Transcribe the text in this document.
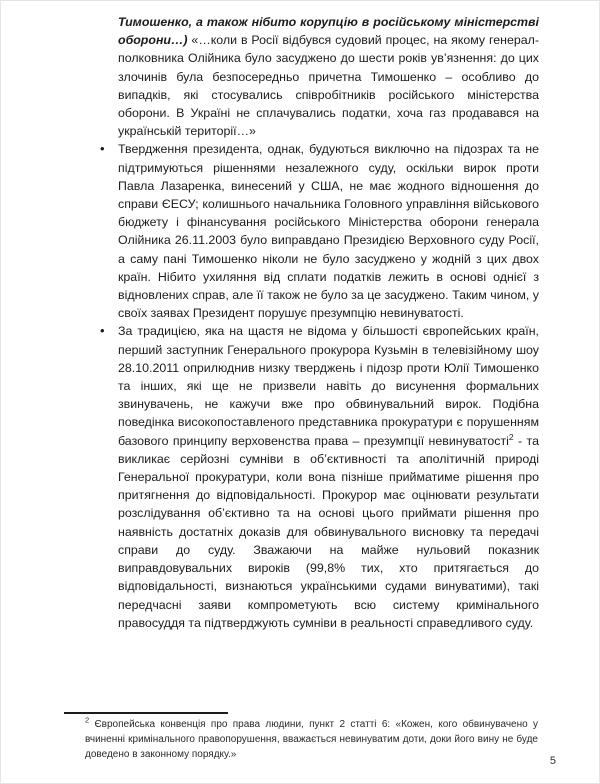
Тимошенко, а також нібито корупцію в російському міністерстві оборони…) «…коли в Росії відбувся судовий процес, на якому генерал-полковника Олійника було засуджено до шести років ув’язнення: до цих злочинів була безпосередньо причетна Тимошенко – особливо до випадків, які стосувались співробітників російського міністерства оборони. В Україні не сплачувались податки, хоча газ продавався на українській території…»

• Твердження президента, однак, будуються виключно на підозрах та не підтримуються рішеннями незалежного суду, оскільки вирок проти Павла Лазаренка, винесений у США, не має жодного відношення до справи ЄЕСУ; колишнього начальника Головного управління військового бюджету і фінансування російського Міністерства оборони генерала Олійника 26.11.2003 було виправдано Президією Верховного суду Росії, а саму пані Тимошенко ніколи не було засуджено у жодній з цих двох країн. Нібито ухиляння від сплати податків лежить в основі однієї з відновлених справ, але її також не було за це засуджено. Таким чином, у своїх заявах Президент порушує презумпцію невинуватості.

• За традицією, яка на щастя не відома у більшості європейських країн, перший заступник Генерального прокурора Кузьмін в телевізійному шоу 28.10.2011 оприлюднив низку тверджень і підозр проти Юлії Тимошенко та інших, які ще не призвели навіть до висунення формальних звинувачень, не кажучи вже про обвинувальний вирок. Подібна поведінка високопоставленого представника прокуратури є порушенням базового принципу верховенства права – презумпції невинуватості$^2$ - та викликає серйозні сумніви в об’єктивності та аполітичній природі Генеральної прокуратури, коли вона пізніше прийматиме рішення про притягнення до відповідальності. Прокурор має оцінювати результати розслідування об’єктивно та на основі цього приймати рішення про наявність достатніх доказів для обвинувального висновку та передачі справи до суду. Зважаючи на майже нульовий показник виправдовувальних вироків (99,8% тих, хто притягається до відповідальності, визнаються українськими судами винуватими), такі передчасні заяви компрометують всю систему кримінального правосуддя та підтверджують сумніви в реальності справедливого суду.

$^2$ Європейська конвенція про права людини, пункт 2 статті 6: «Кожен, кого обвинувачено у вчиненні кримінального правопорушення, вважається невинуватим доти, доки його вину не буде доведено в законному порядку.»
5
